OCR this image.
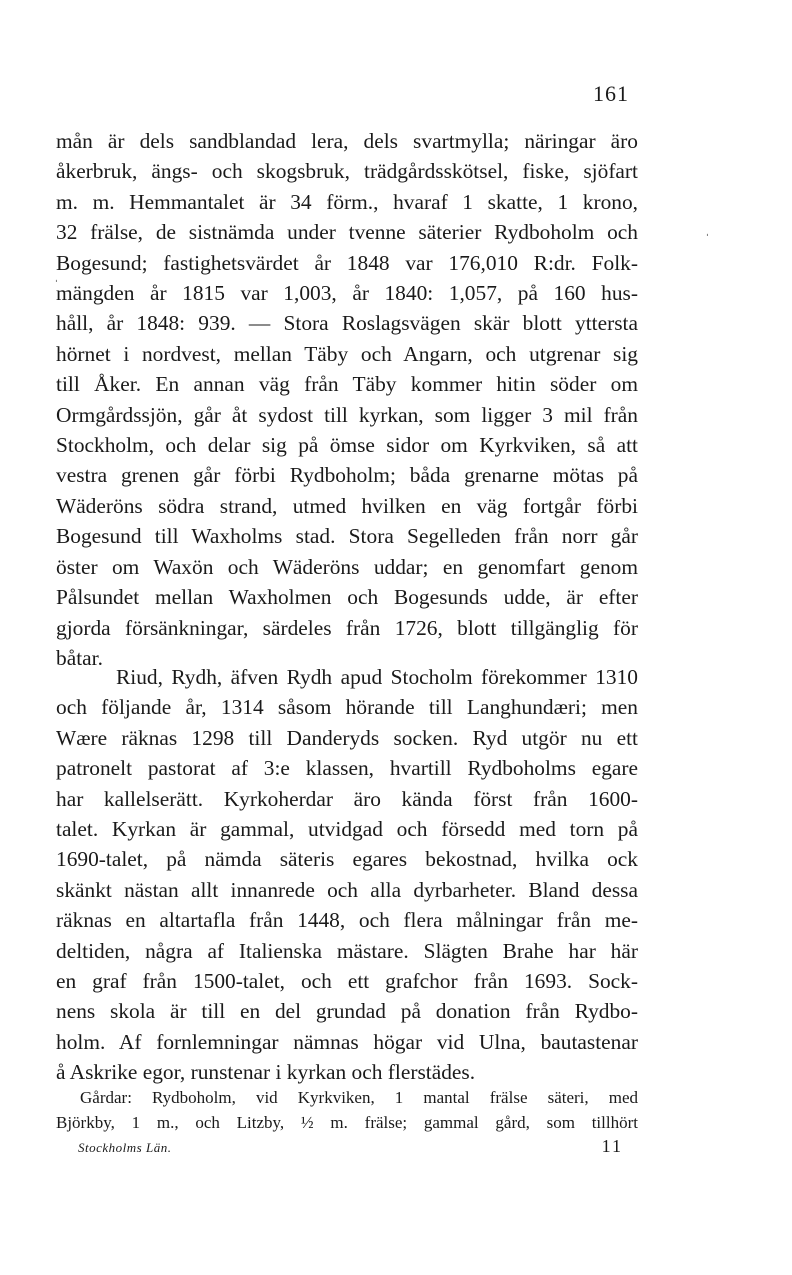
161
mån är dels sandblandad lera, dels svartmylla; näringar äro
åkerbruk, ängs- och skogsbruk, trädgårdsskötsel, fiske, sjöfart
m. m. Hemmantalet är 34 förm., hvaraf 1 skatte, 1 krono,
32 frälse, de sistnämda under tvenne säterier Rydboholm och
Bogesund; fastighetsvärdet år 1848 var 176,010 R:dr. Folk-
mängden år 1815 var 1,003, år 1840: 1,057, på 160 hus-
håll, år 1848: 939. — Stora Roslagsvägen skär blott yttersta
hörnet i nordvest, mellan Täby och Angarn, och utgrenar sig
till Åker. En annan väg från Täby kommer hitin söder om
Ormgårdssjön, går åt sydost till kyrkan, som ligger 3 mil från
Stockholm, och delar sig på ömse sidor om Kyrkviken, så att
vestra grenen går förbi Rydboholm; båda grenarne mötas på
Wäderöns södra strand, utmed hvilken en väg fortgår förbi
Bogesund till Waxholms stad. Stora Segelleden från norr går
öster om Waxön och Wäderöns uddar; en genomfart genom
Pålsundet mellan Waxholmen och Bogesunds udde, är efter
gjorda försänkningar, särdeles från 1726, blott tillgänglig för
båtar.
Riud, Rydh, äfven Rydh apud Stocholm förekommer 1310
och följande år, 1314 såsom hörande till Langhundæri; men
Wære räknas 1298 till Danderyds socken. Ryd utgör nu ett
patronelt pastorat af 3:e klassen, hvartill Rydboholms egare
har kallelserätt. Kyrkoherdar äro kända först från 1600-
talet. Kyrkan är gammal, utvidgad och försedd med torn på
1690-talet, på nämda säteris egares bekostnad, hvilka ock
skänkt nästan allt innanrede och alla dyrbarheter. Bland dessa
räknas en altartafla från 1448, och flera målningar från me-
deltiden, några af Italienska mästare. Slägten Brahe har här
en graf från 1500-talet, och ett grafchor från 1693. Sock-
nens skola är till en del grundad på donation från Rydbo-
holm. Af fornlemningar nämnas högar vid Ulna, bautastenar
å Askrike egor, runstenar i kyrkan och flerstädes.
Gårdar: Rydboholm, vid Kyrkviken, 1 mantal frälse säteri, med
Björkby, 1 m., och Litzby, ½ m. frälse; gammal gård, som tillhört
Stockholms Län.	11
ˌ
ˌ
